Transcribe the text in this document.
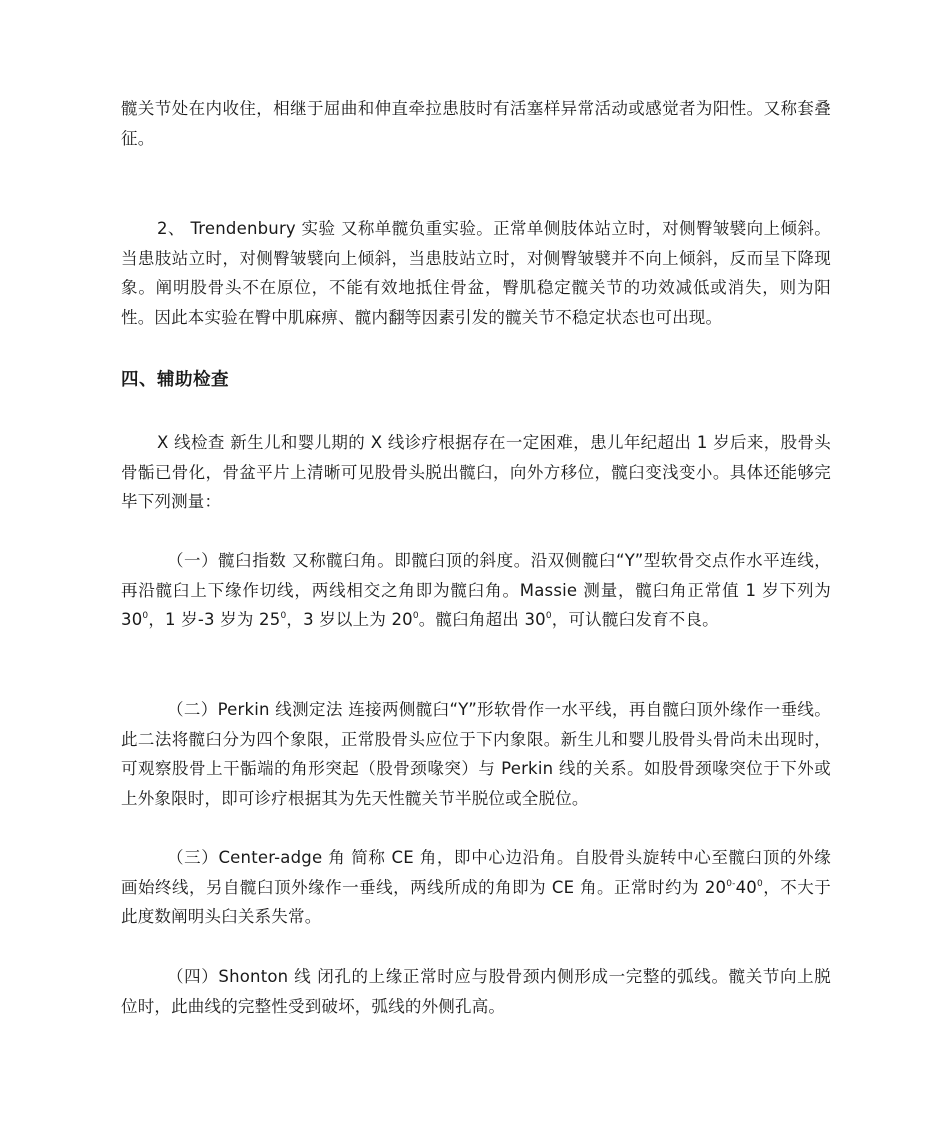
髋关节处在内收住，相继于屈曲和伸直牵拉患肢时有活塞样异常活动或感觉者为阳性。又称套叠征。

2、 Trendenbury 实验 又称单髋负重实验。正常单侧肢体站立时，对侧臀皱襞向上倾斜。当患肢站立时，对侧臀皱襞向上倾斜，当患肢站立时，对侧臀皱襞并不向上倾斜，反而呈下降现象。阐明股骨头不在原位，不能有效地抵住骨盆，臀肌稳定髋关节的功效减低或消失，则为阳性。因此本实验在臀中肌麻痹、髋内翻等因素引发的髋关节不稳定状态也可出现。

四、辅助检查

X 线检查 新生儿和婴儿期的 X 线诊疗根据存在一定困难，患儿年纪超出 1 岁后来，股骨头骨骺已骨化，骨盆平片上清晰可见股骨头脱出髋臼，向外方移位，髋臼变浅变小。具体还能够完毕下列测量：

（一）髋臼指数 又称髋臼角。即髋臼顶的斜度。沿双侧髋臼“Y”型软骨交点作水平连线，再沿髋臼上下缘作切线，两线相交之角即为髋臼角。Massie 测量，髋臼角正常值 1 岁下列为 $30^0$，1 岁-3 岁为 $25^0$，3 岁以上为 $20^0$。髋臼角超出 $30^0$，可认髋臼发育不良。

（二）Perkin 线测定法 连接两侧髋臼“Y”形软骨作一水平线，再自髋臼顶外缘作一垂线。此二法将髋臼分为四个象限，正常股骨头应位于下内象限。新生儿和婴儿股骨头骨尚未出现时，可观察股骨上干骺端的角形突起（股骨颈喙突）与 Perkin 线的关系。如股骨颈喙突位于下外或上外象限时，即可诊疗根据其为先天性髋关节半脱位或全脱位。

（三）Center-adge 角 简称 CE 角，即中心边沿角。自股骨头旋转中心至髋臼顶的外缘画始终线，另自髋臼顶外缘作一垂线，两线所成的角即为 CE 角。正常时约为 $20^{0-}40^0$，不大于此度数阐明头臼关系失常。

（四）Shonton 线 闭孔的上缘正常时应与股骨颈内侧形成一完整的弧线。髋关节向上脱位时，此曲线的完整性受到破坏，弧线的外侧孔高。
